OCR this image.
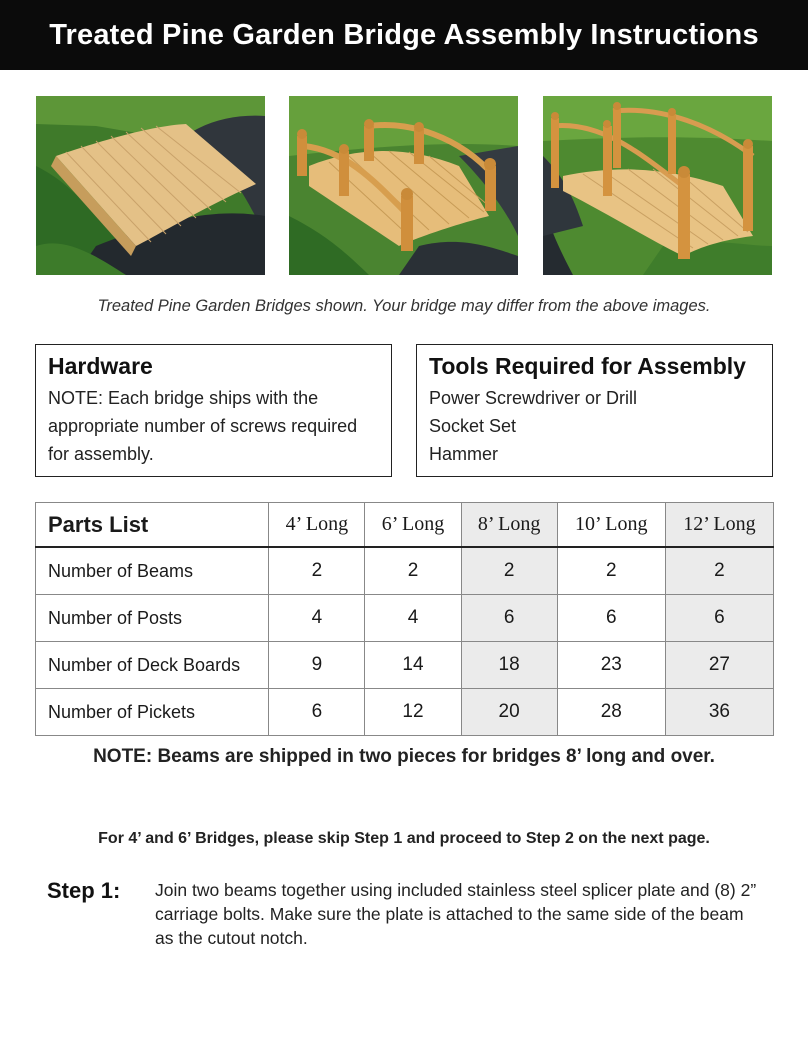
Treated Pine Garden Bridge Assembly Instructions
Treated Pine Garden Bridges shown. Your bridge may differ from the above images.
Hardware

NOTE: Each bridge ships with the appropriate number of screws required for assembly.

Tools Required for Assembly
Power Screwdriver or Drill
Socket Set
Hammer
Parts List	4’ Long	6’ Long	8’ Long	10’ Long	12’ Long
Number of Beams	2	2	2	2	2
Number of Posts	4	4	6	6	6
Number of Deck Boards	9	14	18	23	27
Number of Pickets	6	12	20	28	36
NOTE: Beams are shipped in two pieces for bridges 8’ long and over.
For 4’ and 6’ Bridges, please skip Step 1 and proceed to Step 2 on the next page.
Step 1: Join two beams together using included stainless steel splicer plate and (8) 2” carriage bolts. Make sure the plate is attached to the same side of the beam as the cutout notch.
